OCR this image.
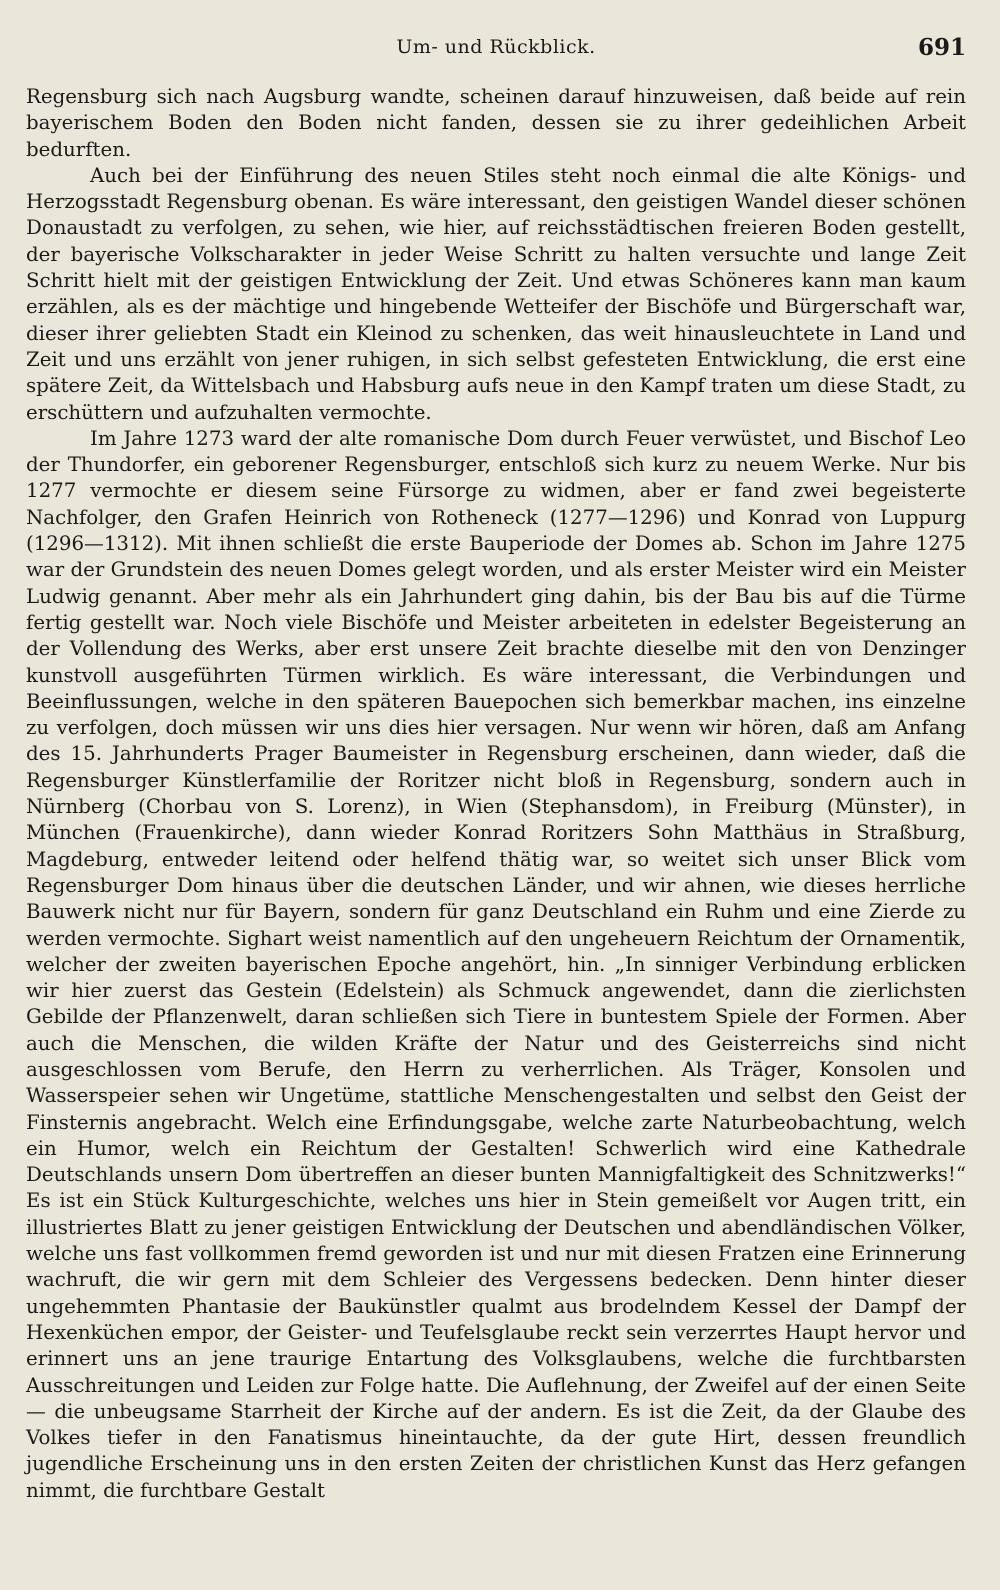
Um- und Rückblick.	691

Regensburg sich nach Augsburg wandte, scheinen darauf hinzuweisen, daß beide auf rein bayerischem Boden den Boden nicht fanden, dessen sie zu ihrer gedeihlichen Arbeit bedurften.

Auch bei der Einführung des neuen Stiles steht noch einmal die alte Königs- und Herzogsstadt Regensburg obenan. Es wäre interessant, den geistigen Wandel dieser schönen Donaustadt zu verfolgen, zu sehen, wie hier, auf reichsstädtischen freieren Boden gestellt, der bayerische Volkscharakter in jeder Weise Schritt zu halten versuchte und lange Zeit Schritt hielt mit der geistigen Entwicklung der Zeit. Und etwas Schöneres kann man kaum erzählen, als es der mächtige und hingebende Wetteifer der Bischöfe und Bürgerschaft war, dieser ihrer geliebten Stadt ein Kleinod zu schenken, das weit hinausleuchtete in Land und Zeit und uns erzählt von jener ruhigen, in sich selbst gefesteten Entwicklung, die erst eine spätere Zeit, da Wittelsbach und Habsburg aufs neue in den Kampf traten um diese Stadt, zu erschüttern und aufzuhalten vermochte.

Im Jahre 1273 ward der alte romanische Dom durch Feuer verwüstet, und Bischof Leo der Thundorfer, ein geborener Regensburger, entschloß sich kurz zu neuem Werke. Nur bis 1277 vermochte er diesem seine Fürsorge zu widmen, aber er fand zwei begeisterte Nachfolger, den Grafen Heinrich von Rotheneck (1277—1296) und Konrad von Luppurg (1296—1312). Mit ihnen schließt die erste Bauperiode der Domes ab. Schon im Jahre 1275 war der Grundstein des neuen Domes gelegt worden, und als erster Meister wird ein Meister Ludwig genannt. Aber mehr als ein Jahrhundert ging dahin, bis der Bau bis auf die Türme fertig gestellt war. Noch viele Bischöfe und Meister arbeiteten in edelster Begeisterung an der Vollendung des Werks, aber erst unsere Zeit brachte dieselbe mit den von Denzinger kunstvoll ausgeführten Türmen wirklich. Es wäre interessant, die Verbindungen und Beeinflussungen, welche in den späteren Bauepochen sich bemerkbar machen, ins einzelne zu verfolgen, doch müssen wir uns dies hier versagen. Nur wenn wir hören, daß am Anfang des 15. Jahrhunderts Prager Baumeister in Regensburg erscheinen, dann wieder, daß die Regensburger Künstlerfamilie der Roritzer nicht bloß in Regensburg, sondern auch in Nürnberg (Chorbau von S. Lorenz), in Wien (Stephansdom), in Freiburg (Münster), in München (Frauenkirche), dann wieder Konrad Roritzers Sohn Matthäus in Straßburg, Magdeburg, entweder leitend oder helfend thätig war, so weitet sich unser Blick vom Regensburger Dom hinaus über die deutschen Länder, und wir ahnen, wie dieses herrliche Bauwerk nicht nur für Bayern, sondern für ganz Deutschland ein Ruhm und eine Zierde zu werden vermochte. Sighart weist namentlich auf den ungeheuern Reichtum der Ornamentik, welcher der zweiten bayerischen Epoche angehört, hin. „In sinniger Verbindung erblicken wir hier zuerst das Gestein (Edelstein) als Schmuck angewendet, dann die zierlichsten Gebilde der Pflanzenwelt, daran schließen sich Tiere in buntestem Spiele der Formen. Aber auch die Menschen, die wilden Kräfte der Natur und des Geisterreichs sind nicht ausgeschlossen vom Berufe, den Herrn zu verherrlichen. Als Träger, Konsolen und Wasserspeier sehen wir Ungetüme, stattliche Menschengestalten und selbst den Geist der Finsternis angebracht. Welch eine Erfindungsgabe, welche zarte Naturbeobachtung, welch ein Humor, welch ein Reichtum der Gestalten! Schwerlich wird eine Kathedrale Deutschlands unsern Dom übertreffen an dieser bunten Mannigfaltigkeit des Schnitzwerks!“ Es ist ein Stück Kulturgeschichte, welches uns hier in Stein gemeißelt vor Augen tritt, ein illustriertes Blatt zu jener geistigen Entwicklung der Deutschen und abendländischen Völker, welche uns fast vollkommen fremd geworden ist und nur mit diesen Fratzen eine Erinnerung wachruft, die wir gern mit dem Schleier des Vergessens bedecken. Denn hinter dieser ungehemmten Phantasie der Baukünstler qualmt aus brodelndem Kessel der Dampf der Hexenküchen empor, der Geister- und Teufelsglaube reckt sein verzerrtes Haupt hervor und erinnert uns an jene traurige Entartung des Volksglaubens, welche die furchtbarsten Ausschreitungen und Leiden zur Folge hatte. Die Auflehnung, der Zweifel auf der einen Seite — die unbeugsame Starrheit der Kirche auf der andern. Es ist die Zeit, da der Glaube des Volkes tiefer in den Fanatismus hineintauchte, da der gute Hirt, dessen freundlich jugendliche Erscheinung uns in den ersten Zeiten der christlichen Kunst das Herz gefangen nimmt, die furchtbare Gestalt
